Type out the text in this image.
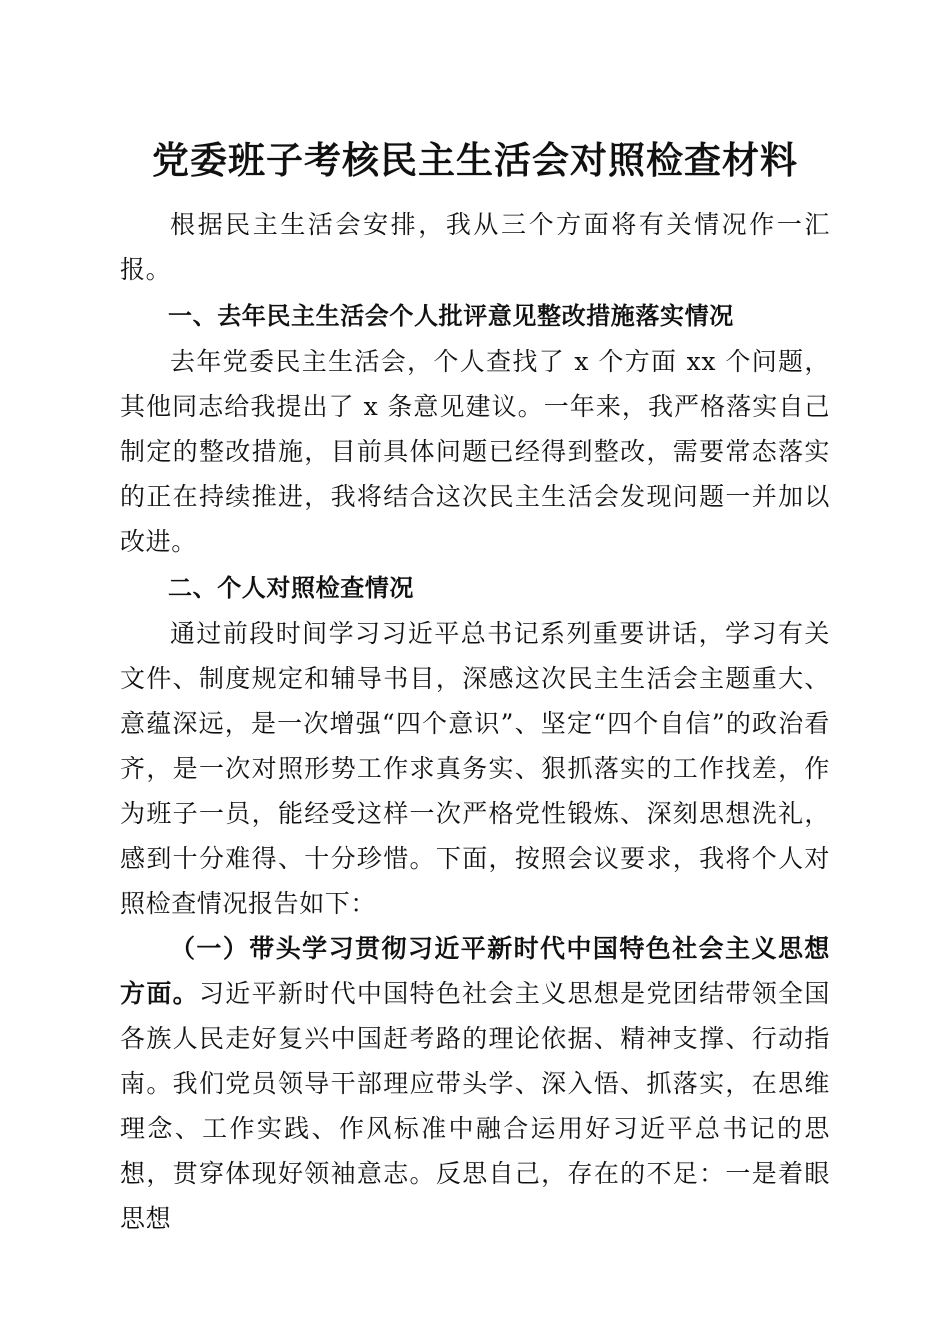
党委班子考核民主生活会对照检查材料

根据民主生活会安排，我从三个方面将有关情况作一汇报。

一、去年民主生活会个人批评意见整改措施落实情况

去年党委民主生活会，个人查找了 x 个方面 xx 个问题，其他同志给我提出了 x 条意见建议。一年来，我严格落实自己制定的整改措施，目前具体问题已经得到整改，需要常态落实的正在持续推进，我将结合这次民主生活会发现问题一并加以改进。

二、个人对照检查情况

通过前段时间学习习近平总书记系列重要讲话，学习有关文件、制度规定和辅导书目，深感这次民主生活会主题重大、意蕴深远，是一次增强“四个意识”、坚定“四个自信”的政治看齐，是一次对照形势工作求真务实、狠抓落实的工作找差，作为班子一员，能经受这样一次严格党性锻炼、深刻思想洗礼，感到十分难得、十分珍惜。下面，按照会议要求，我将个人对照检查情况报告如下：

（一）带头学习贯彻习近平新时代中国特色社会主义思想方面。习近平新时代中国特色社会主义思想是党团结带领全国各族人民走好复兴中国赶考路的理论依据、精神支撑、行动指南。我们党员领导干部理应带头学、深入悟、抓落实，在思维理念、工作实践、作风标准中融合运用好习近平总书记的思想，贯穿体现好领袖意志。反思自己，存在的不足：一是着眼思想
